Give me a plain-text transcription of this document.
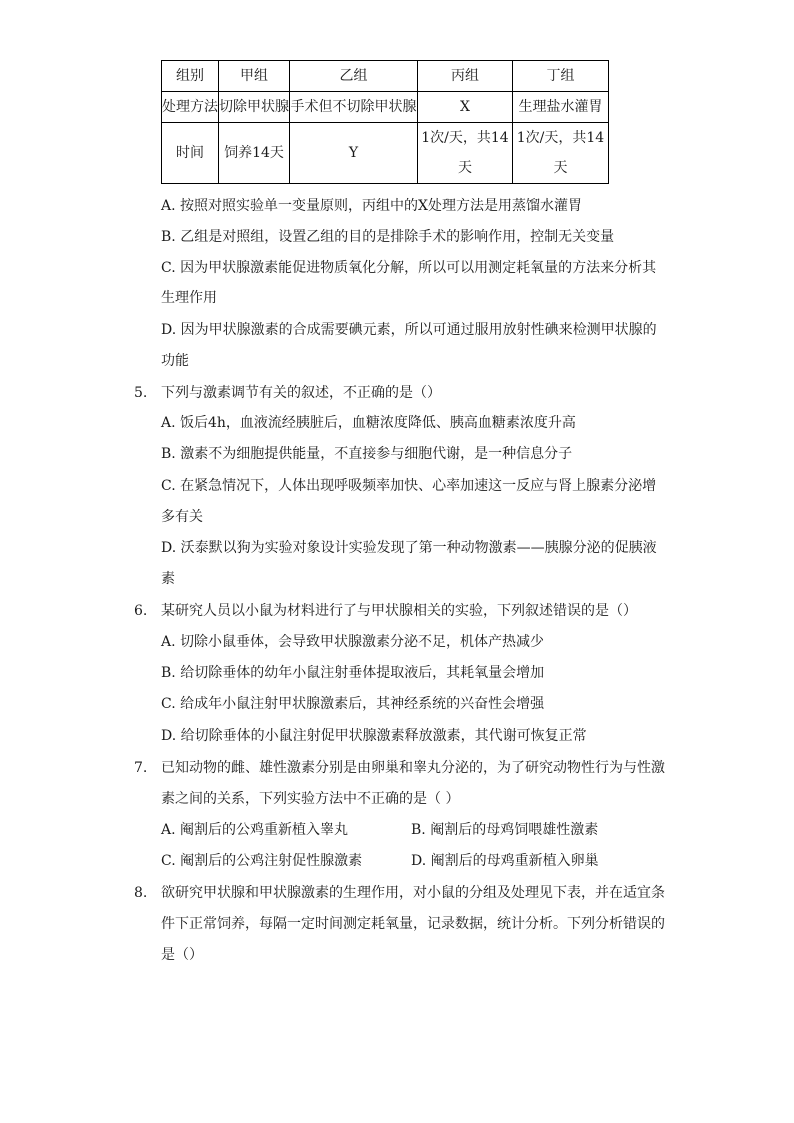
组别	甲组	乙组	丙组	丁组
处理方法	切除甲状腺	手术但不切除甲状腺	X	生理盐水灌胃
时间	饲养14天	Y	1次/天，共14天	1次/天，共14天
A. 按照对照实验单一变量原则，丙组中的X处理方法是用蒸馏水灌胃
B. 乙组是对照组，设置乙组的目的是排除手术的影响作用，控制无关变量
C. 因为甲状腺激素能促进物质氧化分解，所以可以用测定耗氧量的方法来分析其
生理作用
D. 因为甲状腺激素的合成需要碘元素，所以可通过服用放射性碘来检测甲状腺的
功能
5. 下列与激素调节有关的叙述，不正确的是（）
A. 饭后4h，血液流经胰脏后，血糖浓度降低、胰高血糖素浓度升高
B. 激素不为细胞提供能量，不直接参与细胞代谢，是一种信息分子
C. 在紧急情况下，人体出现呼吸频率加快、心率加速这一反应与肾上腺素分泌增
多有关
D. 沃泰默以狗为实验对象设计实验发现了第一种动物激素——胰腺分泌的促胰液
素
6. 某研究人员以小鼠为材料进行了与甲状腺相关的实验，下列叙述错误的是（）
A. 切除小鼠垂体，会导致甲状腺激素分泌不足，机体产热减少
B. 给切除垂体的幼年小鼠注射垂体提取液后，其耗氧量会增加
C. 给成年小鼠注射甲状腺激素后，其神经系统的兴奋性会增强
D. 给切除垂体的小鼠注射促甲状腺激素释放激素，其代谢可恢复正常
7. 已知动物的雌、雄性激素分别是由卵巢和睾丸分泌的，为了研究动物性行为与性激
素之间的关系，下列实验方法中不正确的是（ ）
A. 阉割后的公鸡重新植入睾丸	B. 阉割后的母鸡饲喂雄性激素
C. 阉割后的公鸡注射促性腺激素	D. 阉割后的母鸡重新植入卵巢
8. 欲研究甲状腺和甲状腺激素的生理作用，对小鼠的分组及处理见下表，并在适宜条
件下正常饲养，每隔一定时间测定耗氧量，记录数据，统计分析。下列分析错误的
是（）
